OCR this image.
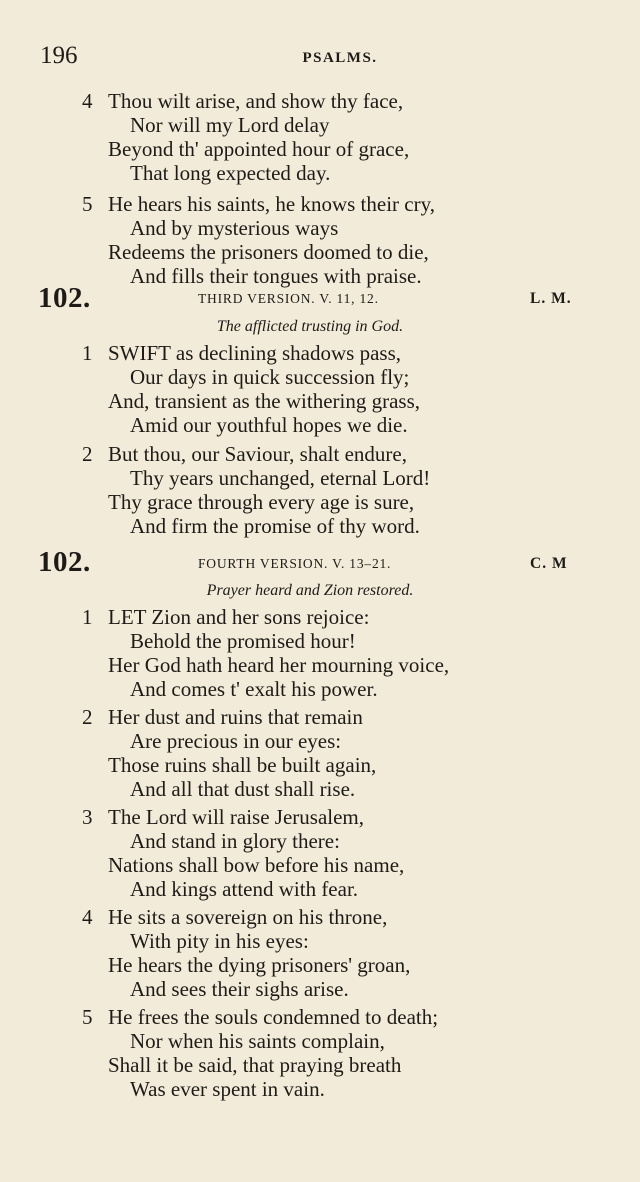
196	PSALMS.
4 Thou wilt arise, and show thy face,
Nor will my Lord delay
Beyond th' appointed hour of grace,
That long expected day.
5 He hears his saints, he knows their cry,
And by mysterious ways
Redeems the prisoners doomed to die,
And fills their tongues with praise.
102.	THIRD VERSION. V. 11, 12.	L. M.
The afflicted trusting in God.
1 SWIFT as declining shadows pass,
Our days in quick succession fly;
And, transient as the withering grass,
Amid our youthful hopes we die.
2 But thou, our Saviour, shalt endure,
Thy years unchanged, eternal Lord!
Thy grace through every age is sure,
And firm the promise of thy word.
102.	FOURTH VERSION. V. 13–21.	C. M
Prayer heard and Zion restored.
1 LET Zion and her sons rejoice:
Behold the promised hour!
Her God hath heard her mourning voice,
And comes t' exalt his power.
2 Her dust and ruins that remain
Are precious in our eyes:
Those ruins shall be built again,
And all that dust shall rise.
3 The Lord will raise Jerusalem,
And stand in glory there:
Nations shall bow before his name,
And kings attend with fear.
4 He sits a sovereign on his throne,
With pity in his eyes:
He hears the dying prisoners' groan,
And sees their sighs arise.
5 He frees the souls condemned to death;
Nor when his saints complain,
Shall it be said, that praying breath
Was ever spent in vain.
